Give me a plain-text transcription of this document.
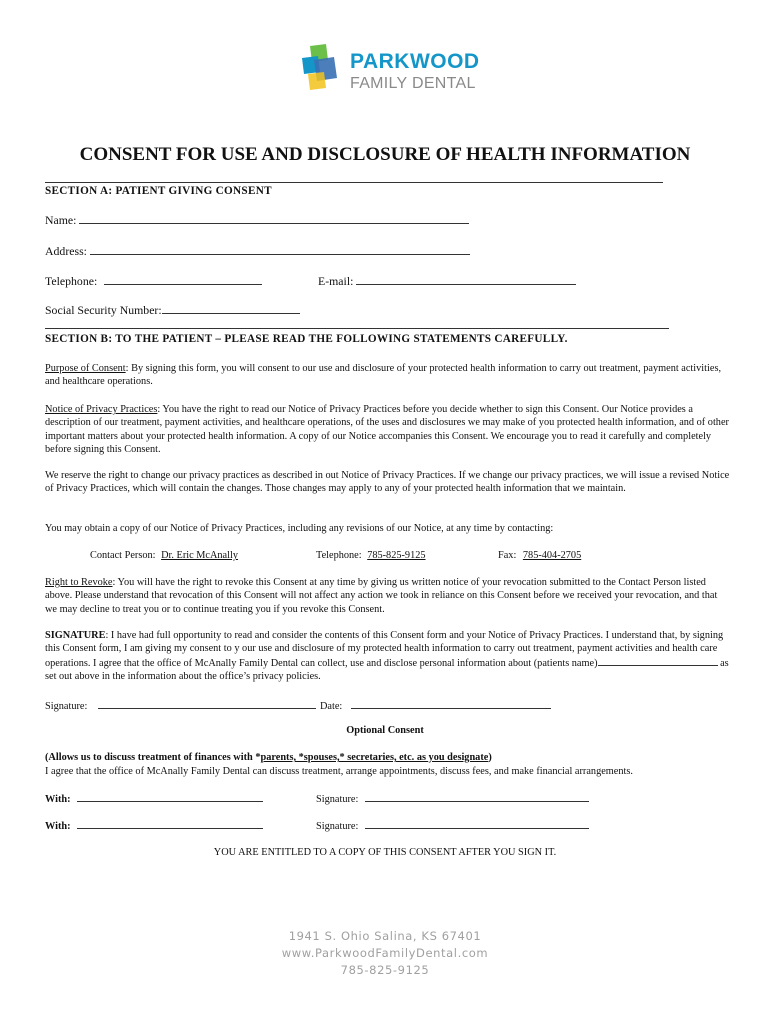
PARKWOOD
FAMILY DENTAL
CONSENT FOR USE AND DISCLOSURE OF HEALTH INFORMATION
SECTION A: PATIENT GIVING CONSENT
Name:
Address:
Telephone:	E-mail:
Social Security Number:
SECTION B: TO THE PATIENT – PLEASE READ THE FOLLOWING STATEMENTS CAREFULLY.
Purpose of Consent: By signing this form, you will consent to our use and disclosure of your protected health information to carry out treatment, payment activities, and healthcare operations.
Notice of Privacy Practices: You have the right to read our Notice of Privacy Practices before you decide whether to sign this Consent. Our Notice provides a description of our treatment, payment activities, and healthcare operations, of the uses and disclosures we may make of you protected health information, and of other important matters about your protected health information. A copy of our Notice accompanies this Consent. We encourage you to read it carefully and completely before signing this Consent.
We reserve the right to change our privacy practices as described in out Notice of Privacy Practices. If we change our privacy practices, we will issue a revised Notice of Privacy Practices, which will contain the changes. Those changes may apply to any of your protected health information that we maintain.
You may obtain a copy of our Notice of Privacy Practices, including any revisions of our Notice, at any time by contacting:
Contact Person: Dr. Eric McAnally	Telephone: 785-825-9125	Fax: 785-404-2705
Right to Revoke: You will have the right to revoke this Consent at any time by giving us written notice of your revocation submitted to the Contact Person listed above. Please understand that revocation of this Consent will not affect any action we took in reliance on this Consent before we received your revocation, and that we may decline to treat you or to continue treating you if you revoke this Consent.
SIGNATURE: I have had full opportunity to read and consider the contents of this Consent form and your Notice of Privacy Practices. I understand that, by signing this Consent form, I am giving my consent to y our use and disclosure of my protected health information to carry out treatment, payment activities and health care operations. I agree that the office of McAnally Family Dental can collect, use and disclose personal information about (patients name)	as set out above in the information about the office’s privacy policies.
Signature:	Date:
Optional Consent
(Allows us to discuss treatment of finances with *parents, *spouses,* secretaries, etc. as you designate)
I agree that the office of McAnally Family Dental can discuss treatment, arrange appointments, discuss fees, and make financial arrangements.
With:	Signature:
With:	Signature:
YOU ARE ENTITLED TO A COPY OF THIS CONSENT AFTER YOU SIGN IT.
1941 S. Ohio Salina, KS 67401
www.ParkwoodFamilyDental.com
785-825-9125
